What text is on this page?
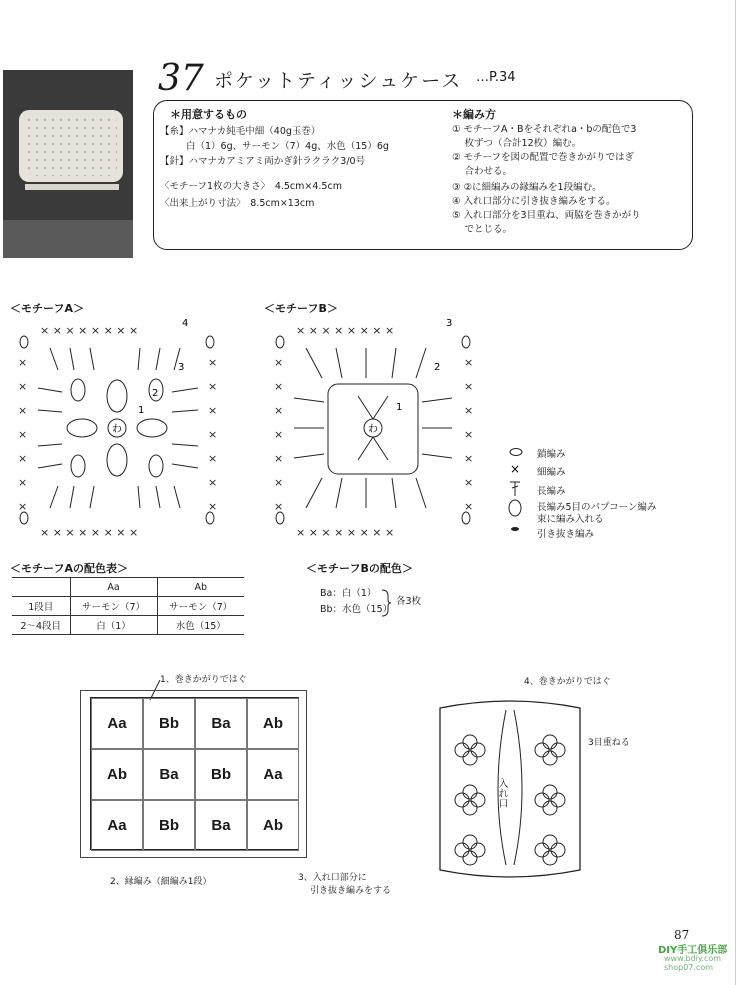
37 ポケットティッシュケース …P.34
＊用意するもの
【糸】ハマナカ純毛中細（40g玉巻）
白（1）6g、サーモン（7）4g、水色（15）6g
【針】ハマナカアミアミ両かぎ針ラクラク3/0号
〈モチーフ1枚の大きさ〉　4.5cm×4.5cm
〈出来上がり寸法〉　8.5cm×13cm
＊編み方
① モチーフA・Bをそれぞれa・bの配色で3
　 枚ずつ（合計12枚）編む。
② モチーフを図の配置で巻きかがりではぎ
　 合わせる。
③ ②に細編みの縁編みを1段編む。
④ 入れ口部分に引き抜き編みをする。
⑤ 入れ口部分を3目重ね、両脇を巻きかがり
　 でとじる。
＜モチーフA＞	＜モチーフB＞
× × × × × × × ×
× × × × × × × ×
×
×
×
×
×
×
×
×
×
×
×
×
×
×
わ
1
2
3
4
× × × × × × × ×
× × × × × × × ×
×
×
×
×
×
×
×
×
×
×
×
×
×
×
わ
1
2
3
×
鎖編み
細編み
長編み
長編み5目のパプコーン編み
束に編み入れる
引き抜き編み
＜モチーフAの配色表＞
	Aa	Ab
1段目	サーモン（7）	サーモン（7）
2〜4段目	白（1）	水色（15）
＜モチーフBの配色＞
Ba：白（1）
Bb：水色（15）
各3枚
1、巻きかがりではぐ
Aa	Bb	Ba	Ab
Ab	Ba	Bb	Aa
Aa	Bb	Ba	Ab
2、縁編み（細編み1段）	3、入れ口部分に
引き抜き編みをする
4、巻きかがりではぐ
3目重ねる
入れ口
87
DIY手工俱乐部
www.bdiy.com shop07.com
